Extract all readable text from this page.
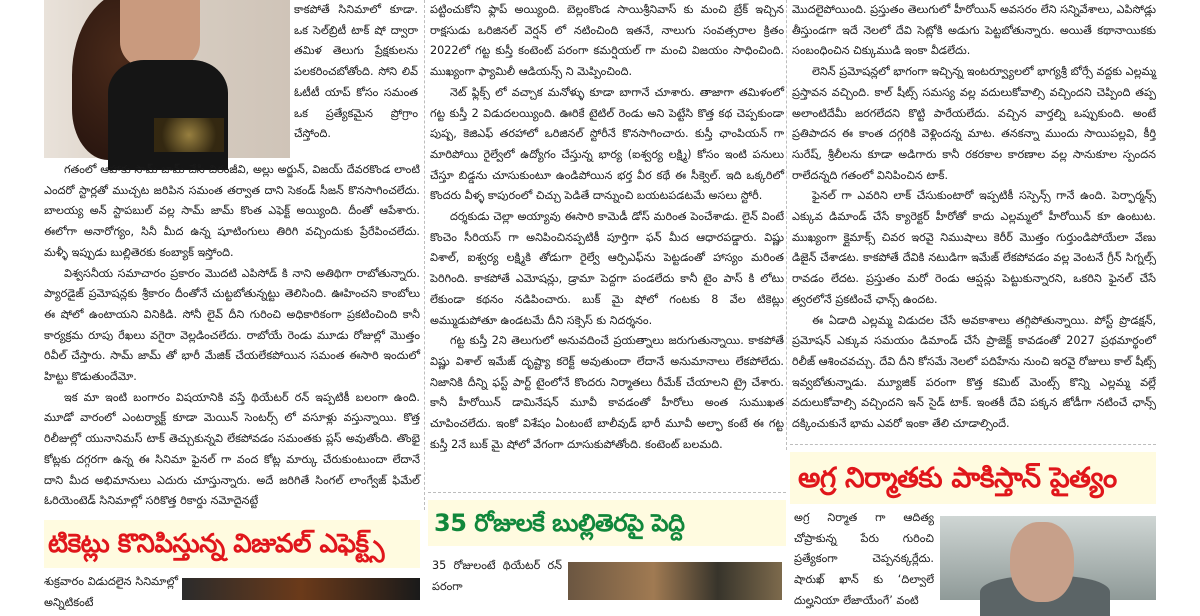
కాకపోతే సినిమాలో కూడా. ఒక సెల్‌బ్రిటీ టాక్ షో ద్వారా తమిళ తెలుగు ప్రేక్షకులను పలకరించబోతోంది. సోని లివ్ ఓటీటీ యాప్ కోసం సమంత ఒక ప్రత్యేకమైన ప్రోగ్రాం చేస్తోంది.

గతంలో ఆహాకు సామ్ జామ్ చేసి చిరంజీవి, అల్లు అర్జున్, విజయ్ దేవరకొండ లాంటి ఎందరో స్టార్లతో ముచ్చట జరిపిన సమంత తర్వాత దాని సెకండ్ సీజన్ కొనసాగించలేదు. బాలయ్య అన్ స్టాపబుల్ వల్ల సామ్ జామ్ కొంత ఎఫెక్ట్ అయ్యింది. దీంతో ఆపేశారు. ఈలోగా అనారోగ్యం, సినీ మీద ఉన్న షూటింగులు తిరిగి వచ్చిందుకు ప్రేరేపించలేదు. మళ్ళీ ఇప్పుడు బుల్లితెరకు కంబ్యాక్ ఇస్తోంది.

విశ్వసనీయ సమాచారం ప్రకారం మొదటి ఎపిసోడ్ కి నాని అతిథిగా రాబోతున్నారు. ప్యారడైజ్ ప్రమోషన్లకు శ్రీకారం దీంతోనే చుట్టబోతున్నట్టు తెలిసింది. ఊహించని కాంబోలు ఈ షోలో ఉంటాయని వినికిడి. సోనీ లైవ్ దీని గురించి అధికారికంగా ప్రకటించింది కానీ కార్యక్రమ రూపు రేఖలు వగైరా వెల్లడించలేదు. రాబోయే రెండు మూడు రోజుల్లో మొత్తం రివీల్ చేస్తారు. సామ్ జామ్ తో భారీ మేజిక్ చేయలేకపోయిన సమంత ఈసారి ఇందులో హిట్టు కొడుతుందేమో.

ఇక మా ఇంటి బంగారం విషయానికి వస్తే థియేటర్ రన్ ఇప్పటికీ బలంగా ఉంది. మూడో వారంలో ఎంటర్యాక్ట్ కూడా మెయిన్ సెంటర్స్ లో వసూళ్లు వస్తున్నాయి. కొత్త రిలీజుల్లో యునానిమస్ టాక్ తెచ్చుకున్నవి లేకపోవడం సమంతకు ప్లస్ అవుతోంది. తొంభై కోట్లకు దగ్గరగా ఉన్న ఈ సినిమా ఫైనల్ గా వంద కోట్ల మార్కు చేరుకుంటుందా లేదానే దాని మీద అభిమానులు ఎదురు చూస్తున్నారు. అదే జరిగితే సింగల్ లాంగ్వేజ్ ఫిమేల్ ఓరియెంటెడ్ సినిమాల్లో సరికొత్త రికార్డు నమోదైనట్టే

పట్టించుకోని ఫ్లాప్ అయ్యింది. బెల్లంకొండ సాయిశ్రీనివాస్ కు మంచి బ్రేక్ ఇచ్చిన రాక్షసుడు ఒరిజినల్ వెర్షన్ లో నటించింది ఇతనే, నాలుగు సంవత్సరాల క్రితం 2022లో గట్ట కుస్తీ కంటెంట్ పరంగా కమర్షియల్ గా మంచి విజయం సాధించింది. ముఖ్యంగా ఫ్యామిలీ ఆడియన్స్ ని మెప్పించింది.

నెట్ ఫ్లిక్స్ లో వచ్చాక మనోళ్ళు కూడా బాగానే చూశారు. తాజాగా తమిళంలో గట్ట కుస్తీ 2 విడుదలయ్యింది. ఊరికే టైటిల్ రెండు అని పెట్టేసి కొత్త కథ చెప్పకుండా పుష్ప, కెజిఎఫ్ తరహాలో ఒరిజినల్ స్టోరీనే కొనసాగించారు. కుస్తీ ఛాంపియన్ గా మారిపోయి రైల్వేలో ఉద్యోగం చేస్తున్న భార్య (ఐశ్వర్య లక్ష్మి) కోసం ఇంటి పనులు చేస్తూ బిడ్డను చూసుకుంటూ ఉండిపోయిన భర్త వీర కథే ఈ సీక్వెల్. ఇది ఒక్కరిలో కొందరు వీళ్ళ కాపురంలో చిచ్చు పెడితే దాన్నుంచి బయటపడటమే అసలు స్టోరీ.

దర్శకుడు చెల్లా అయ్యావు ఈసారి కామెడీ డోస్ మరింత పెంచేశాడు. లైన్ వింటే కొంచెం సీరియస్ గా అనిపించినప్పటికీ పూర్తిగా ఫన్ మీద ఆధారపడ్డారు. విష్ణు విశాల్, ఐశ్వర్య లక్ష్మికి తోడుగా రైల్వే ఆర్పిఎఫ్‌ను పెట్టడంతో హాస్యం మరింత పెరిగింది. కాకపోతే ఎమోషన్లు, డ్రామా పెద్దగా పండలేదు కానీ టైం పాస్ కి లోటు లేకుండా కథనం నడిపించారు. బుక్ మై షోలో గంటకు 8 వేల టికెట్లు అమ్ముడుపోతూ ఉండటమే దీని సక్సెస్ కు నిదర్శనం.

గట్ట కుస్తీ 2ని తెలుగులో అనువదించే ప్రయత్నాలు జరుగుతున్నాయి. కాకపోతే విష్ణు విశాల్ ఇమేజ్ దృష్ట్యా కరెక్ట్ అవుతుందా లేదానే అనుమానాలు లేకపోలేదు. నిజానికి దీన్ని ఫస్ట్ పార్ట్ టైంలోనే కొందరు నిర్మాతలు రీమేక్ చేయాలని ట్రై చేశారు. కానీ హీరోయిన్ డామినేషన్ మూవీ కావడంతో హీరోలు అంత సుముఖత చూపించలేదు. ఇంకో విశేషం ఏంటంటే బాలీవుడ్ భారీ మూవీ అల్ఫా కంటే ఈ గట్ట కుస్తీ 2నే బుక్ మై షోలో వేగంగా దూసుకుపోతోంది. కంటెంట్ బలమది.

మొదలైపోయింది. ప్రస్తుతం తెలుగులో హీరోయిన్ అవసరం లేని సన్నివేశాలు, ఎపిసోడ్లు తీస్తుండగా ఇదే నెలలో దేవి సెట్లోకి అడుగు పెట్టబోతున్నారు. అయితే కథానాయికకు సంబంధించిన చిక్కుముడి ఇంకా వీడలేదు.

లెనిన్ ప్రమోషన్లలో భాగంగా ఇచ్చిన్న ఇంటర్వ్యూలలో భాగ్యశ్రీ బోర్సే వద్దకు ఎల్లమ్మ ప్రస్తావన వచ్చింది. కాల్ షీట్స్ సమస్య వల్ల వదులుకోవాల్సి వచ్చిందని చెప్పింది తప్ప అలాంటిదేమీ జరగలేదని కొట్టి పారేయలేదు. వచ్చిన వార్తల్ని ఒప్పుకుంది. అంటే ప్రతిపాదన ఈ కాంత దగ్గరికి వెళ్లిందన్న మాట. తనకన్నా ముందు సాయిపల్లవి, కీర్తి సురేష్, శ్రీలీలను కూడా అడిగారు కానీ రకరకాల కారణాల వల్ల సానుకూల స్పందన రాలేదన్నది గతంలో వినిపించిన టాక్.

ఫైనల్ గా ఎవరిని లాక్ చేసుకుంటారో ఇప్పటికీ సస్పెన్స్ గానే ఉంది. పెర్ఫార్మన్స్ ఎక్కువ డిమాండ్ చేసే క్యారెక్టర్ హీరోతో కాదు ఎల్లమ్మలో హీరోయిన్ కూ ఉంటుట. ముఖ్యంగా క్లైమాక్స్ చివర ఇరవై నిముషాలు కెరీర్ మొత్తం గుర్తుండిపోయేలా వేణు డిజైన్ చేశాడట. కాకపోతే దేవికి నటుడిగా ఇమేజ్ లేకపోవడం వల్ల వెంటనే గ్రీన్ సిగ్నల్స్ రావడం లేదట. ప్రస్తుతం మరో రెండు ఆప్షన్లు పెట్టుకున్నారని, ఒకరిని ఫైనల్ చేసే త్వరలోనే ప్రకటించే ఛాన్స్ ఉందట.

ఈ ఏడాది ఎల్లమ్మ విడుదల చేసే అవకాశాలు తగ్గిపోతున్నాయి. పోస్ట్ ప్రొడక్షన్, ప్రమోషన్ ఎక్కువ సమయం డిమాండ్ చేసే ప్రాజెక్ట్ కావడంతో 2027 ప్రథమార్థంలో రిలీజ్ ఆశించవచ్చు. దేవి దీని కోసమే నెలలో పదిహేను నుంచి ఇరవై రోజులు కాల్ షీట్స్ ఇవ్వబోతున్నాడు. మ్యూజిక్ పరంగా కొత్త కమిట్ మెంట్స్ కొన్ని ఎల్లమ్మ వల్లే వదులుకోవాల్సి వచ్చిందని ఇన్ సైడ్ టాక్. ఇంతకీ దేవి పక్కన జోడీగా నటించే ఛాన్స్ దక్కించుకునే భామ ఎవరో ఇంకా తేలి చూడాల్సిందే.

టికెట్లు కొనిపిస్తున్న విజువల్ ఎఫెక్ట్స్
35 రోజులకే బుల్లితెరపై పెద్ది
అగ్ర నిర్మాతకు పాకిస్తాన్ పైత్యం
శుక్రవారం విడుదలైన సినిమాల్లో అన్నిటికంటే
35 రోజులంటే థియేటర్ రన్ పరంగా
అగ్ర నిర్మాత గా ఆదిత్య చోప్రాకున్న పేరు గురించి ప్రత్యేకంగా చెప్పనక్కర్లేదు. షారుఖ్ ఖాన్ కు ‘దిల్వాలే దుల్హనియా లేజాయేంగే’ వంటి
